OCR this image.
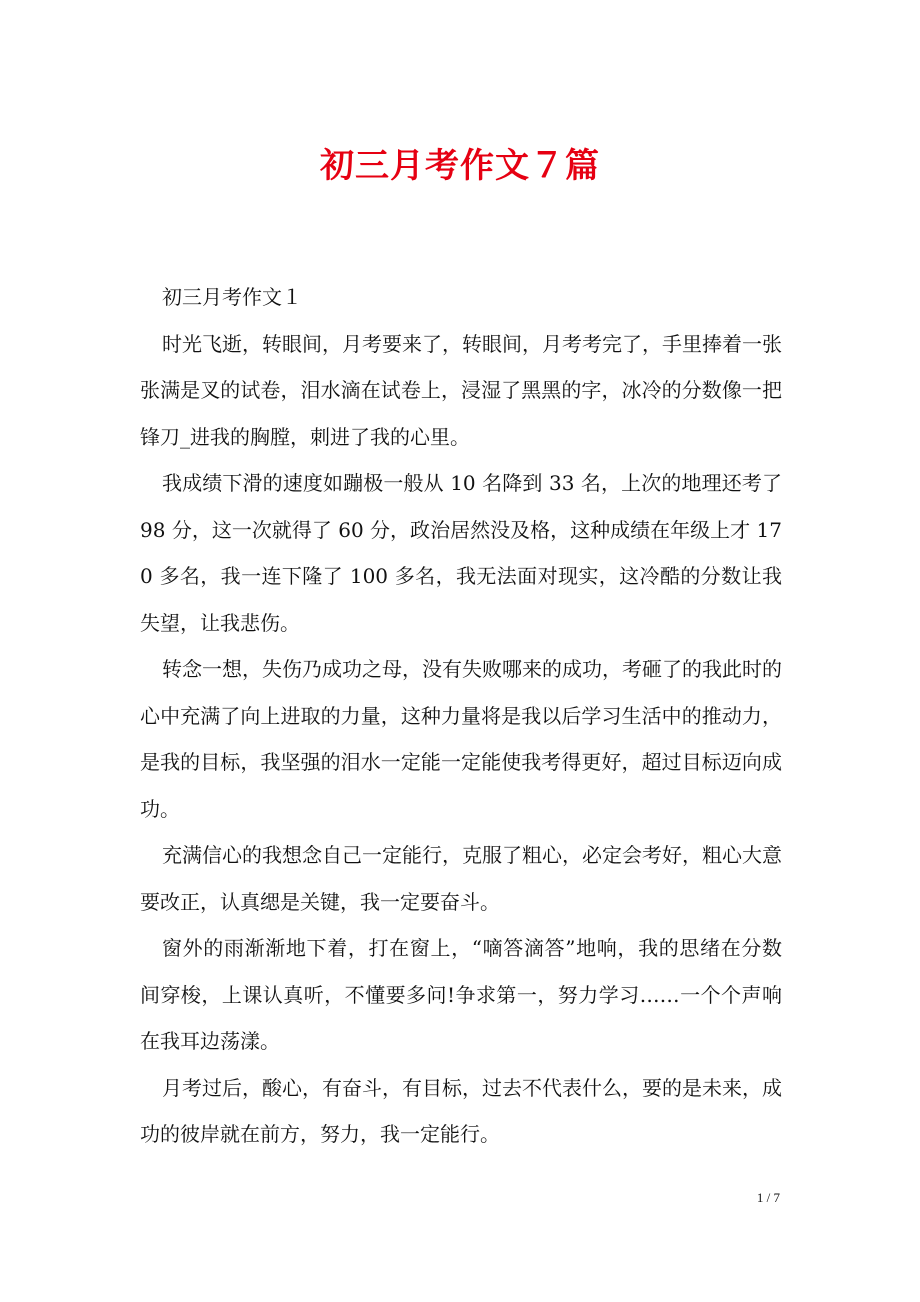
初三月考作文７篇

初三月考作文１

时光飞逝，转眼间，月考要来了，转眼间，月考考完了，手里捧着一张张满是叉的试卷，泪水滴在试卷上，浸湿了黑黑的字，冰冷的分数像一把锋刀_进我的胸膛，刺进了我的心里。

我成绩下滑的速度如蹦极一般从 10 名降到 33 名，上次的地理还考了 98 分，这一次就得了 60 分，政治居然没及格，这种成绩在年级上才 170 多名，我一连下隆了 100 多名，我无法面对现实，这冷酷的分数让我失望，让我悲伤。

转念一想，失伤乃成功之母，没有失败哪来的成功，考砸了的我此时的心中充满了向上进取的力量，这种力量将是我以后学习生活中的推动力，是我的目标，我坚强的泪水一定能一定能使我考得更好，超过目标迈向成功。

充满信心的我想念自己一定能行，克服了粗心，必定会考好，粗心大意要改正，认真缌是关键，我一定要奋斗。

窗外的雨渐渐地下着，打在窗上，“嘀答滴答”地响，我的思绪在分数间穿梭，上课认真听，不懂要多问!争求第一，努力学习……一个个声响在我耳边荡漾。

月考过后，酸心，有奋斗，有目标，过去不代表什么，要的是未来，成功的彼岸就在前方，努力，我一定能行。

1 / 7
